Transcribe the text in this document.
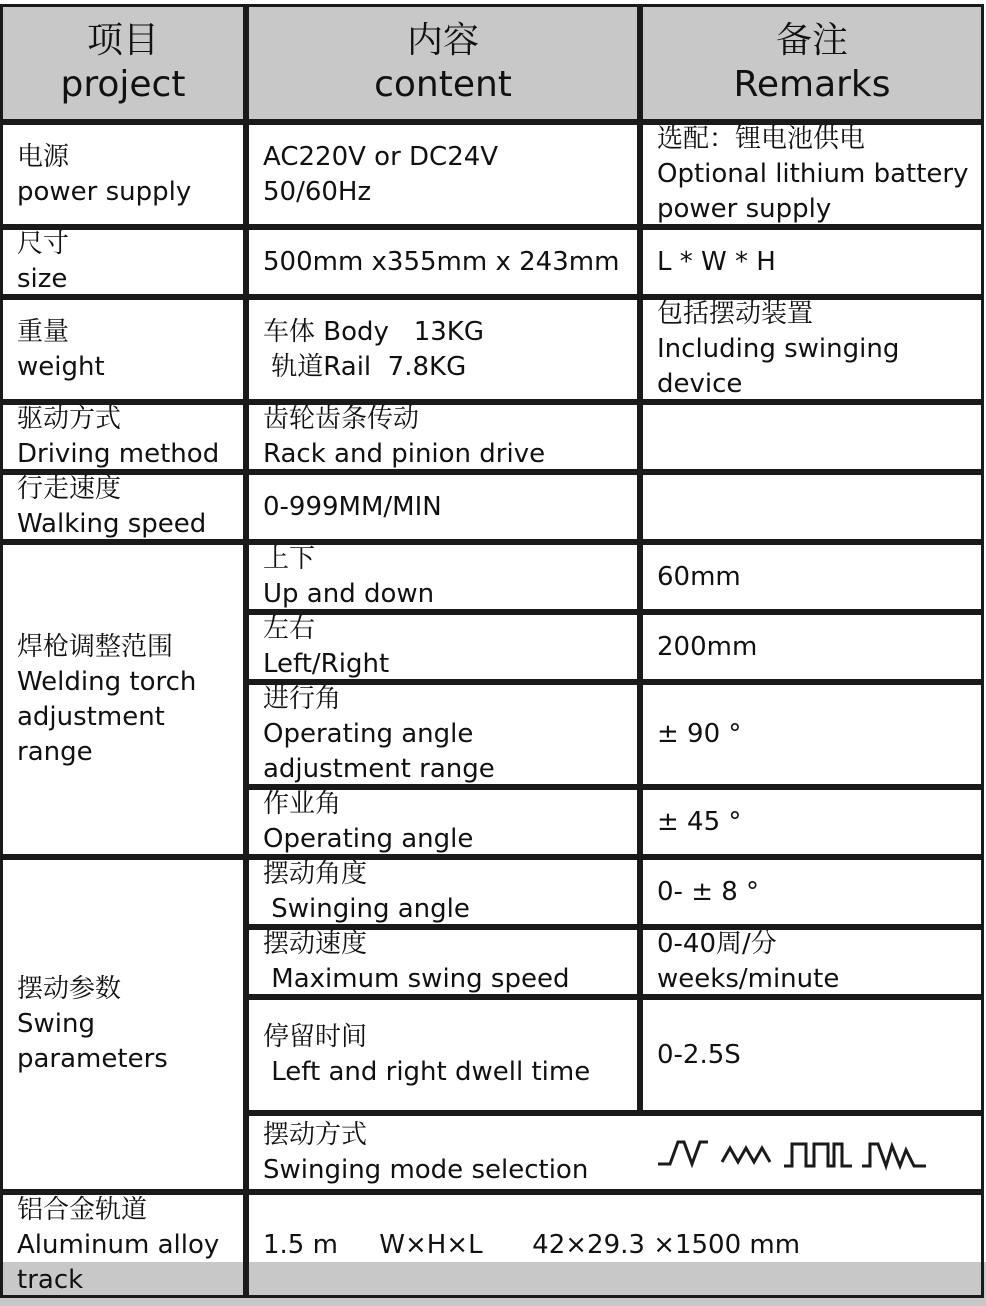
项目
project
内容
content
备注
Remarks
电源
power supply
AC220V or DC24V
50/60Hz
选配：锂电池供电
Optional lithium battery
power supply
尺寸
size
500mm x355mm x 243mm	L * W * H
重量
weight
车体 Body   13KG
轨道Rail  7.8KG
包括摆动装置
Including swinging
device
驱动方式
Driving method
齿轮齿条传动
Rack and pinion drive
行走速度
Walking speed
0-999MM/MIN
焊枪调整范围
Welding torch
adjustment
range
上下
Up and down
60mm
左右
Left/Right
200mm
进行角
Operating angle
adjustment range
± 90 °
作业角
Operating angle
± 45 °
摆动参数
Swing
parameters
摆动角度
Swinging angle
0- ± 8 °
摆动速度
Maximum swing speed
0-40周/分
weeks/minute
停留时间
Left and right dwell time
0-2.5S
摆动方式
Swinging mode selection
铝合金轨道
Aluminum alloy
track
1.5 m     W×H×L      42×29.3 ×1500 mm
